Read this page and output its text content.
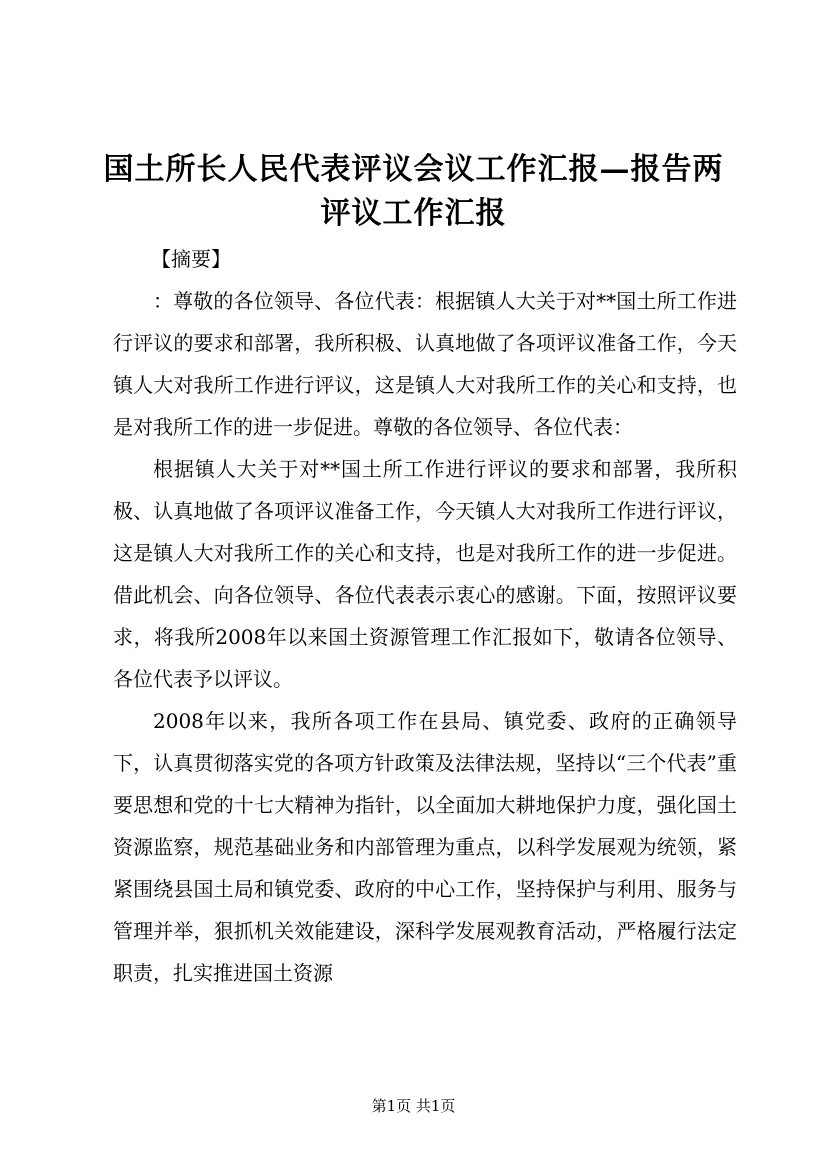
国土所长人民代表评议会议工作汇报—报告两
评议工作汇报

【摘要】

：尊敬的各位领导、各位代表：根据镇人大关于对**国土所工作进行评议的要求和部署，我所积极、认真地做了各项评议准备工作，今天镇人大对我所工作进行评议，这是镇人大对我所工作的关心和支持，也是对我所工作的进一步促进。尊敬的各位领导、各位代表：

根据镇人大关于对**国土所工作进行评议的要求和部署，我所积极、认真地做了各项评议准备工作，今天镇人大对我所工作进行评议，这是镇人大对我所工作的关心和支持，也是对我所工作的进一步促进。借此机会、向各位领导、各位代表表示衷心的感谢。下面，按照评议要求，将我所2008年以来国土资源管理工作汇报如下，敬请各位领导、各位代表予以评议。

2008年以来，我所各项工作在县局、镇党委、政府的正确领导下，认真贯彻落实党的各项方针政策及法律法规，坚持以“三个代表”重要思想和党的十七大精神为指针，以全面加大耕地保护力度，强化国土资源监察，规范基础业务和内部管理为重点，以科学发展观为统领，紧紧围绕县国土局和镇党委、政府的中心工作，坚持保护与利用、服务与管理并举，狠抓机关效能建设，深科学发展观教育活动，严格履行法定职责，扎实推进国土资源

第1页 共1页
